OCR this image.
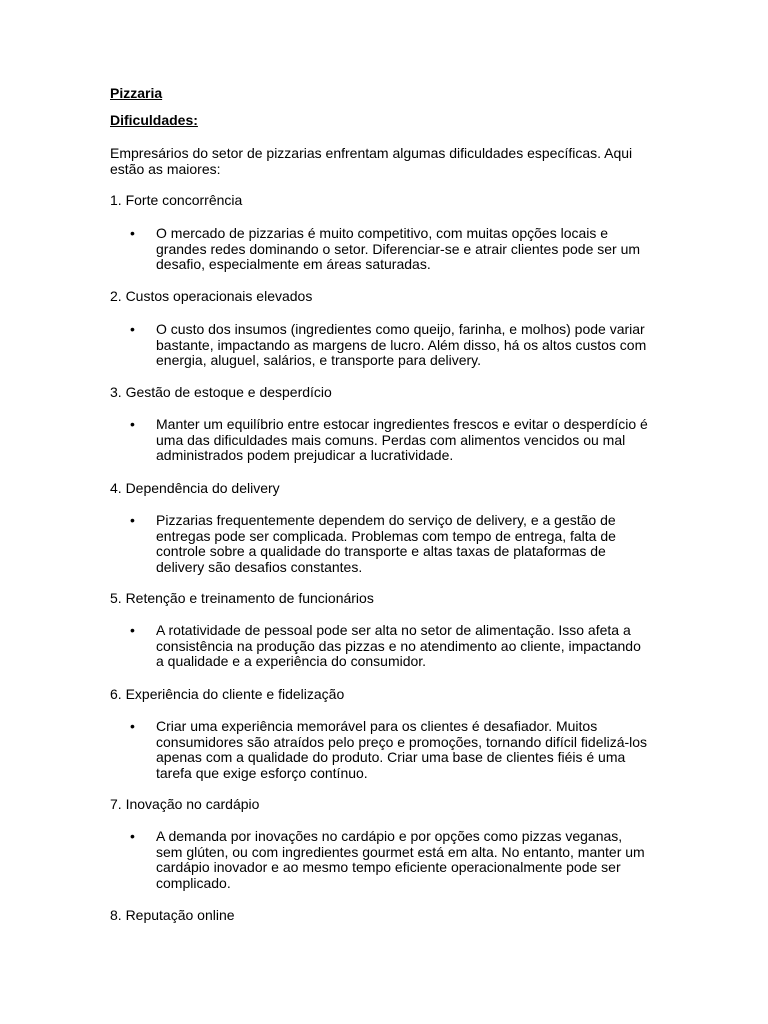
Pizzaria
Dificuldades:
Empresários do setor de pizzarias enfrentam algumas dificuldades específicas. Aqui
estão as maiores:
1. Forte concorrência
• O mercado de pizzarias é muito competitivo, com muitas opções locais e
grandes redes dominando o setor. Diferenciar-se e atrair clientes pode ser um
desafio, especialmente em áreas saturadas.
2. Custos operacionais elevados
• O custo dos insumos (ingredientes como queijo, farinha, e molhos) pode variar
bastante, impactando as margens de lucro. Além disso, há os altos custos com
energia, aluguel, salários, e transporte para delivery.
3. Gestão de estoque e desperdício
• Manter um equilíbrio entre estocar ingredientes frescos e evitar o desperdício é
uma das dificuldades mais comuns. Perdas com alimentos vencidos ou mal
administrados podem prejudicar a lucratividade.
4. Dependência do delivery
• Pizzarias frequentemente dependem do serviço de delivery, e a gestão de
entregas pode ser complicada. Problemas com tempo de entrega, falta de
controle sobre a qualidade do transporte e altas taxas de plataformas de
delivery são desafios constantes.
5. Retenção e treinamento de funcionários
• A rotatividade de pessoal pode ser alta no setor de alimentação. Isso afeta a
consistência na produção das pizzas e no atendimento ao cliente, impactando
a qualidade e a experiência do consumidor.
6. Experiência do cliente e fidelização
• Criar uma experiência memorável para os clientes é desafiador. Muitos
consumidores são atraídos pelo preço e promoções, tornando difícil fidelizá-los
apenas com a qualidade do produto. Criar uma base de clientes fiéis é uma
tarefa que exige esforço contínuo.
7. Inovação no cardápio
• A demanda por inovações no cardápio e por opções como pizzas veganas,
sem glúten, ou com ingredientes gourmet está em alta. No entanto, manter um
cardápio inovador e ao mesmo tempo eficiente operacionalmente pode ser
complicado.
8. Reputação online
